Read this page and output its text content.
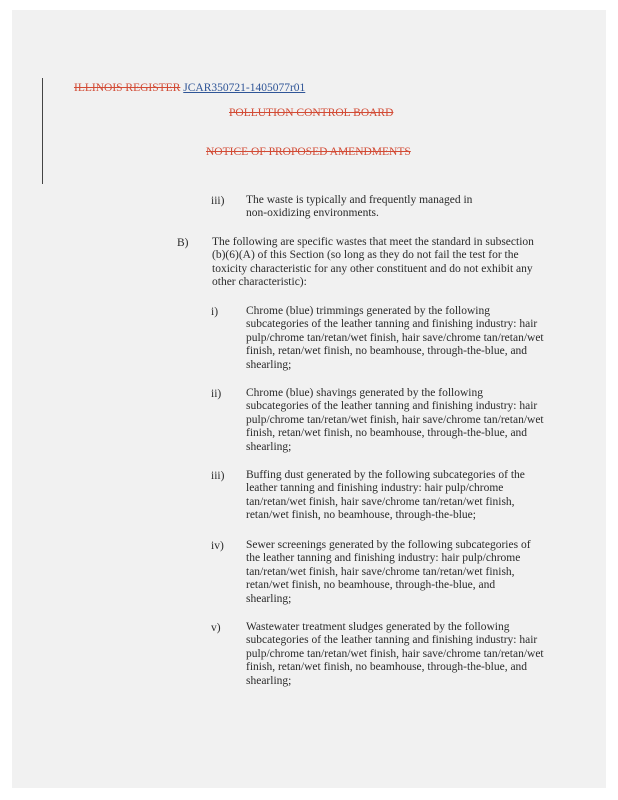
ILLINOIS REGISTER JCAR350721-1405077r01
POLLUTION CONTROL BOARD
NOTICE OF PROPOSED AMENDMENTS
iii) The waste is typically and frequently managed in non-oxidizing environments.
B) The following are specific wastes that meet the standard in subsection (b)(6)(A) of this Section (so long as they do not fail the test for the toxicity characteristic for any other constituent and do not exhibit any other characteristic):
i) Chrome (blue) trimmings generated by the following subcategories of the leather tanning and finishing industry: hair pulp/chrome tan/retan/wet finish, hair save/chrome tan/retan/wet finish, retan/wet finish, no beamhouse, through-the-blue, and shearling;
ii) Chrome (blue) shavings generated by the following subcategories of the leather tanning and finishing industry: hair pulp/chrome tan/retan/wet finish, hair save/chrome tan/retan/wet finish, retan/wet finish, no beamhouse, through-the-blue, and shearling;
iii) Buffing dust generated by the following subcategories of the leather tanning and finishing industry: hair pulp/chrome tan/retan/wet finish, hair save/chrome tan/retan/wet finish, retan/wet finish, no beamhouse, through-the-blue;
iv) Sewer screenings generated by the following subcategories of the leather tanning and finishing industry: hair pulp/chrome tan/retan/wet finish, hair save/chrome tan/retan/wet finish, retan/wet finish, no beamhouse, through-the-blue, and shearling;
v) Wastewater treatment sludges generated by the following subcategories of the leather tanning and finishing industry: hair pulp/chrome tan/retan/wet finish, hair save/chrome tan/retan/wet finish, retan/wet finish, no beamhouse, through-the-blue, and shearling;
